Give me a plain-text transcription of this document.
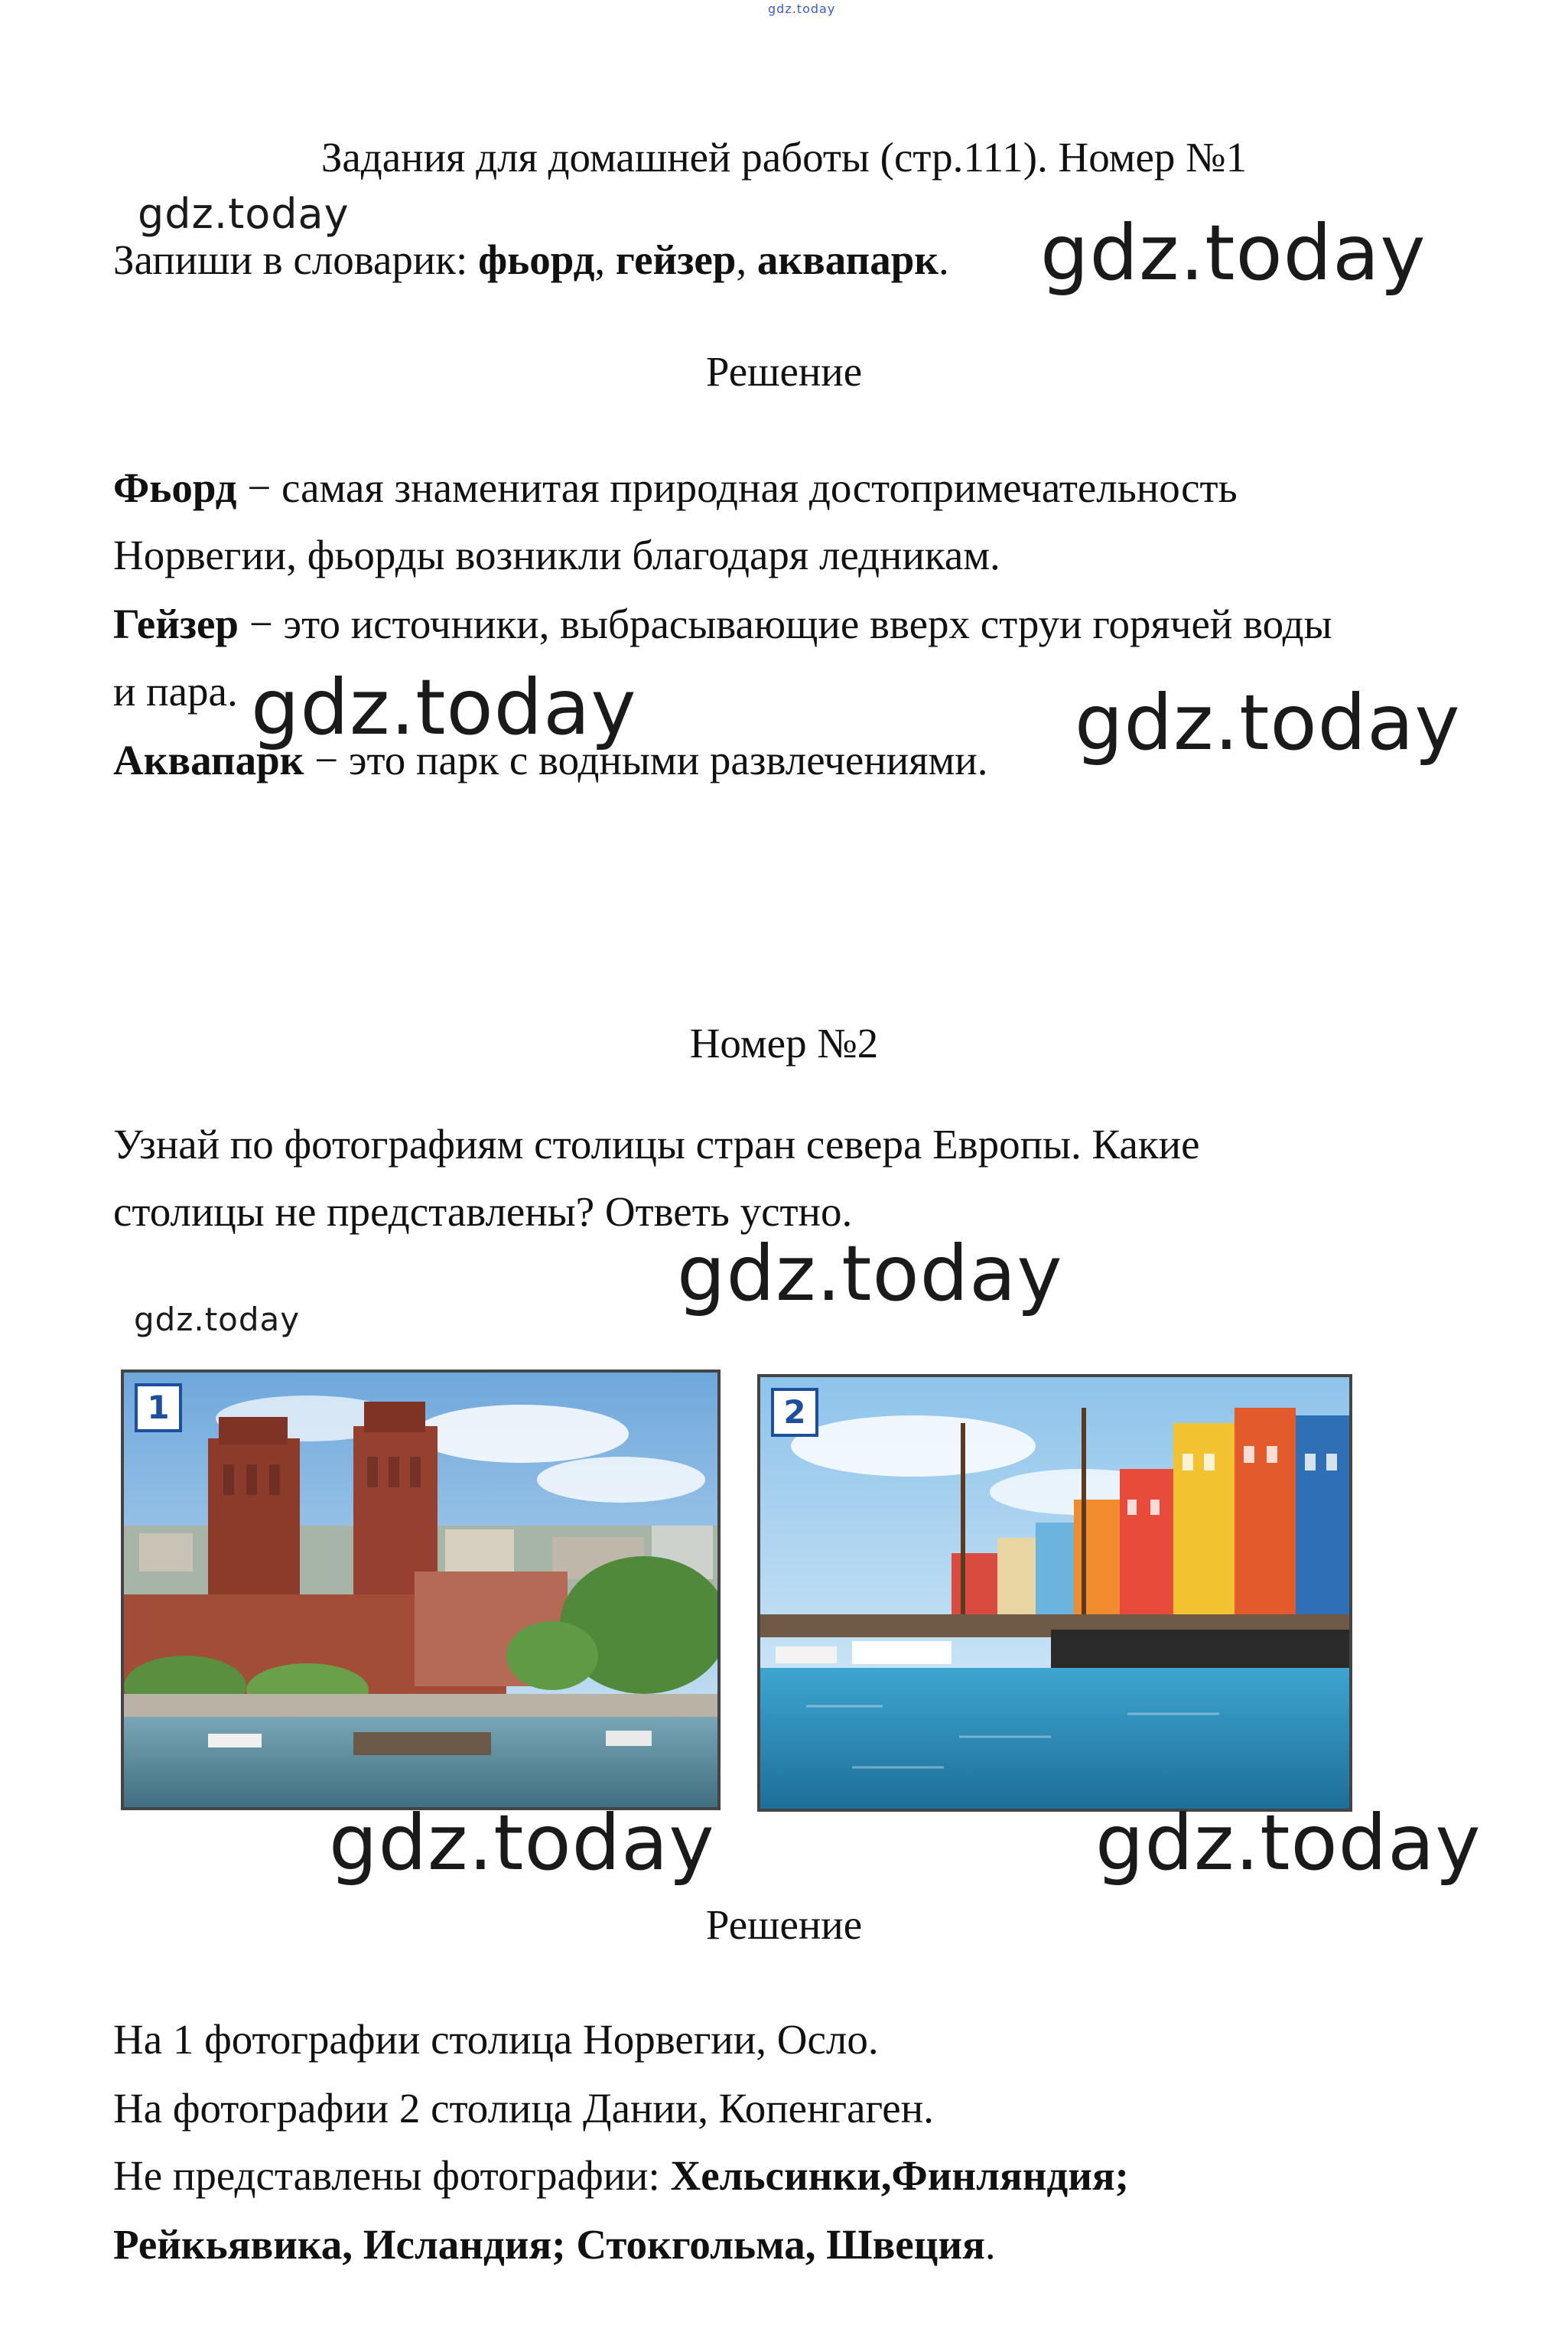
gdz.today
Задания для домашней работы (стр.111). Номер №1
Запиши в словарик: фьорд, гейзер, аквапарк.
gdz.today	gdz.today
Решение
Фьорд − самая знаменитая природная достопримечательность
Норвегии, фьорды возникли благодаря ледникам.
Гейзер − это источники, выбрасывающие вверх струи горячей воды
и пара.
Аквапарк − это парк с водными развлечениями.
gdz.today	gdz.today
Номер №2
Узнай по фотографиям столицы стран севера Европы. Какие
столицы не представлены? Ответь устно.
gdz.today
gdz.today
1	2
gdz.today	gdz.today
Решение
На 1 фотографии столица Норвегии, Осло.
На фотографии 2 столица Дании, Копенгаген.
Не представлены фотографии: Хельсинки,Финляндия;
Рейкьявика, Исландия; Стокгольма, Швеция.
